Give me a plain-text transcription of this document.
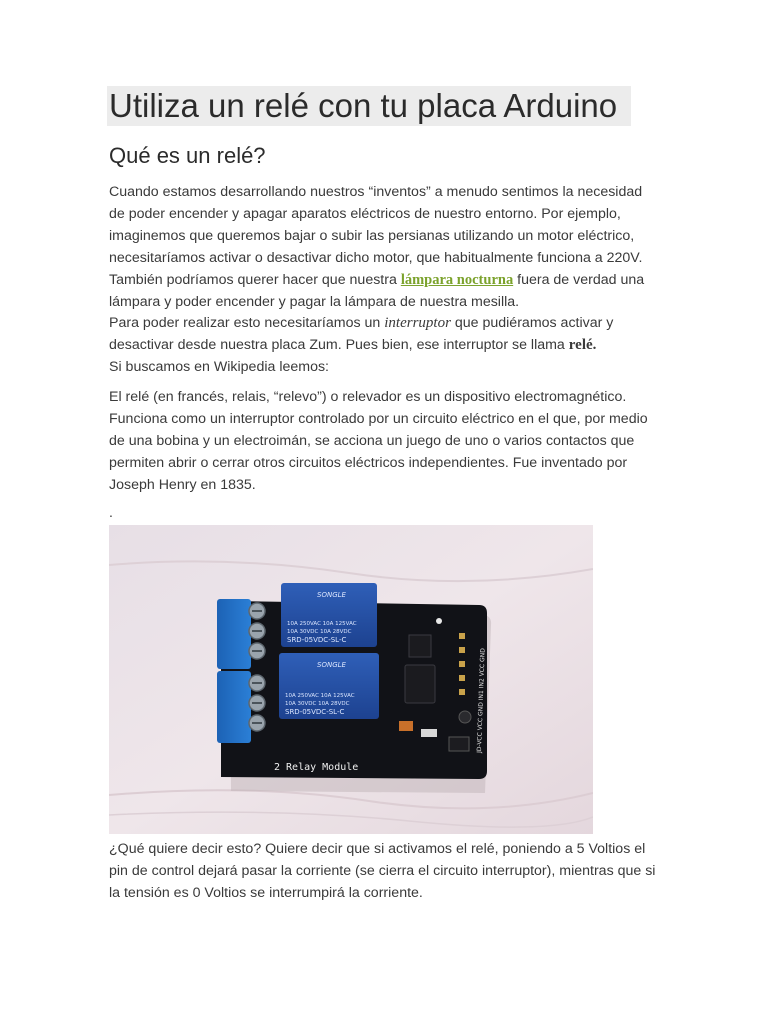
Utiliza un relé con tu placa Arduino
Qué es un relé?

Cuando estamos desarrollando nuestros “inventos” a menudo sentimos la necesidad de poder encender y apagar aparatos eléctricos de nuestro entorno. Por ejemplo, imaginemos que queremos bajar o subir las persianas utilizando un motor eléctrico, necesitaríamos activar o desactivar dicho motor, que habitualmente funciona a 220V.
También podríamos querer hacer que nuestra lámpara nocturna fuera de verdad una lámpara y poder encender y pagar la lámpara de nuestra mesilla.

Para poder realizar esto necesitaríamos un interruptor que pudiéramos activar y desactivar desde nuestra placa Zum. Pues bien, ese interruptor se llama relé.

Si buscamos en Wikipedia leemos:

El relé (en francés, relais, “relevo”) o relevador es un dispositivo electromagnético. Funciona como un interruptor controlado por un circuito eléctrico en el que, por medio de una bobina y un electroimán, se acciona un juego de uno o varios contactos que permiten abrir o cerrar otros circuitos eléctricos independientes. Fue inventado por Joseph Henry en 1835.

.

SONGLE
10A 250VAC 10A 125VAC
10A 30VDC 10A 28VDC
SRD-05VDC-SL-C
SONGLE
10A 250VAC 10A 125VAC
10A 30VDC 10A 28VDC
SRD-05VDC-SL-C	JD-VCC VCC GND IN1 IN2 VCC GND
2 Relay Module

¿Qué quiere decir esto? Quiere decir que si activamos el relé, poniendo a 5 Voltios el pin de control dejará pasar la corriente (se cierra el circuito interruptor), mientras que si la tensión es 0 Voltios se interrumpirá la corriente.
